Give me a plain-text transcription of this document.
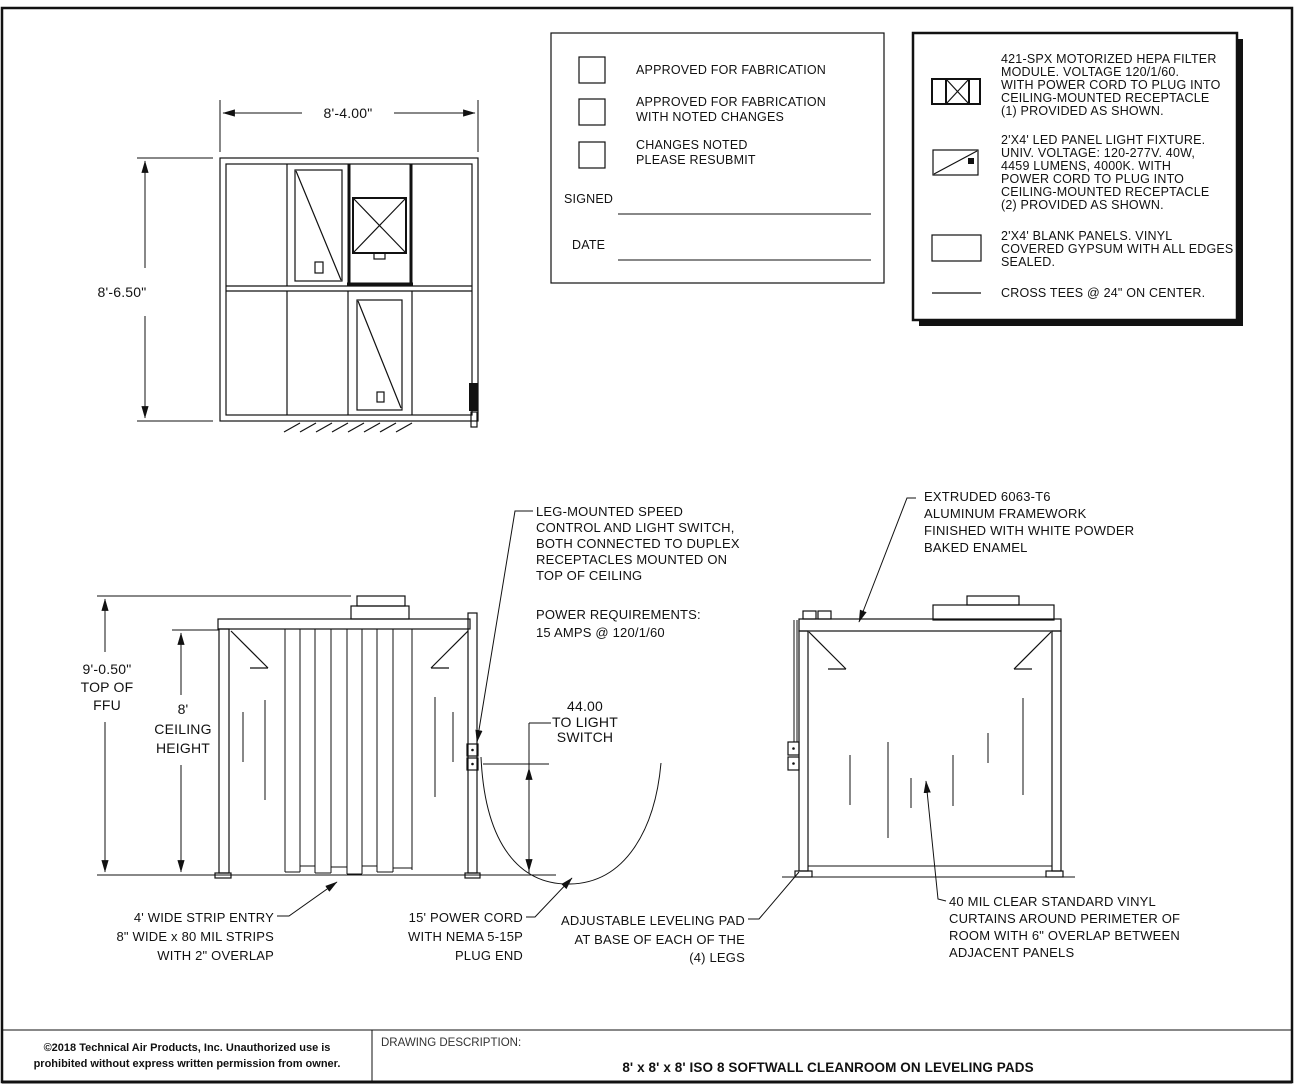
8'-4.00"
8'-6.50"
APPROVED FOR FABRICATION
APPROVED FOR FABRICATION
WITH NOTED CHANGES
CHANGES NOTED
PLEASE RESUBMIT
SIGNED
DATE
421-SPX MOTORIZED HEPA FILTER
MODULE. VOLTAGE 120/1/60.
WITH POWER CORD TO PLUG INTO
CEILING-MOUNTED RECEPTACLE
(1) PROVIDED AS SHOWN.
2'X4' LED PANEL LIGHT FIXTURE.
UNIV. VOLTAGE: 120-277V. 40W,
4459 LUMENS, 4000K. WITH
POWER CORD TO PLUG INTO
CEILING-MOUNTED RECEPTACLE
(2) PROVIDED AS SHOWN.
2'X4' BLANK PANELS. VINYL
COVERED GYPSUM WITH ALL EDGES
SEALED.
CROSS TEES @ 24" ON CENTER.
9'-0.50"
TOP OF
FFU	8'
CEILING
HEIGHT
44.00
TO LIGHT
SWITCH
LEG-MOUNTED SPEED
CONTROL AND LIGHT SWITCH,
BOTH CONNECTED TO DUPLEX
RECEPTACLES MOUNTED ON
TOP OF CEILING
POWER REQUIREMENTS:
15 AMPS @ 120/1/60
EXTRUDED 6063-T6
ALUMINUM FRAMEWORK
FINISHED WITH WHITE POWDER
BAKED ENAMEL
4' WIDE STRIP ENTRY
8" WIDE x 80 MIL STRIPS
WITH 2" OVERLAP
15' POWER CORD
WITH NEMA 5-15P
PLUG END
ADJUSTABLE LEVELING PAD
AT BASE OF EACH OF THE
(4) LEGS
40 MIL CLEAR STANDARD VINYL
CURTAINS AROUND PERIMETER OF
ROOM WITH 6" OVERLAP BETWEEN
ADJACENT PANELS
©2018 Technical Air Products, Inc. Unauthorized use is
prohibited without express written permission from owner.
DRAWING DESCRIPTION:
8' x 8' x 8' ISO 8 SOFTWALL CLEANROOM ON LEVELING PADS
